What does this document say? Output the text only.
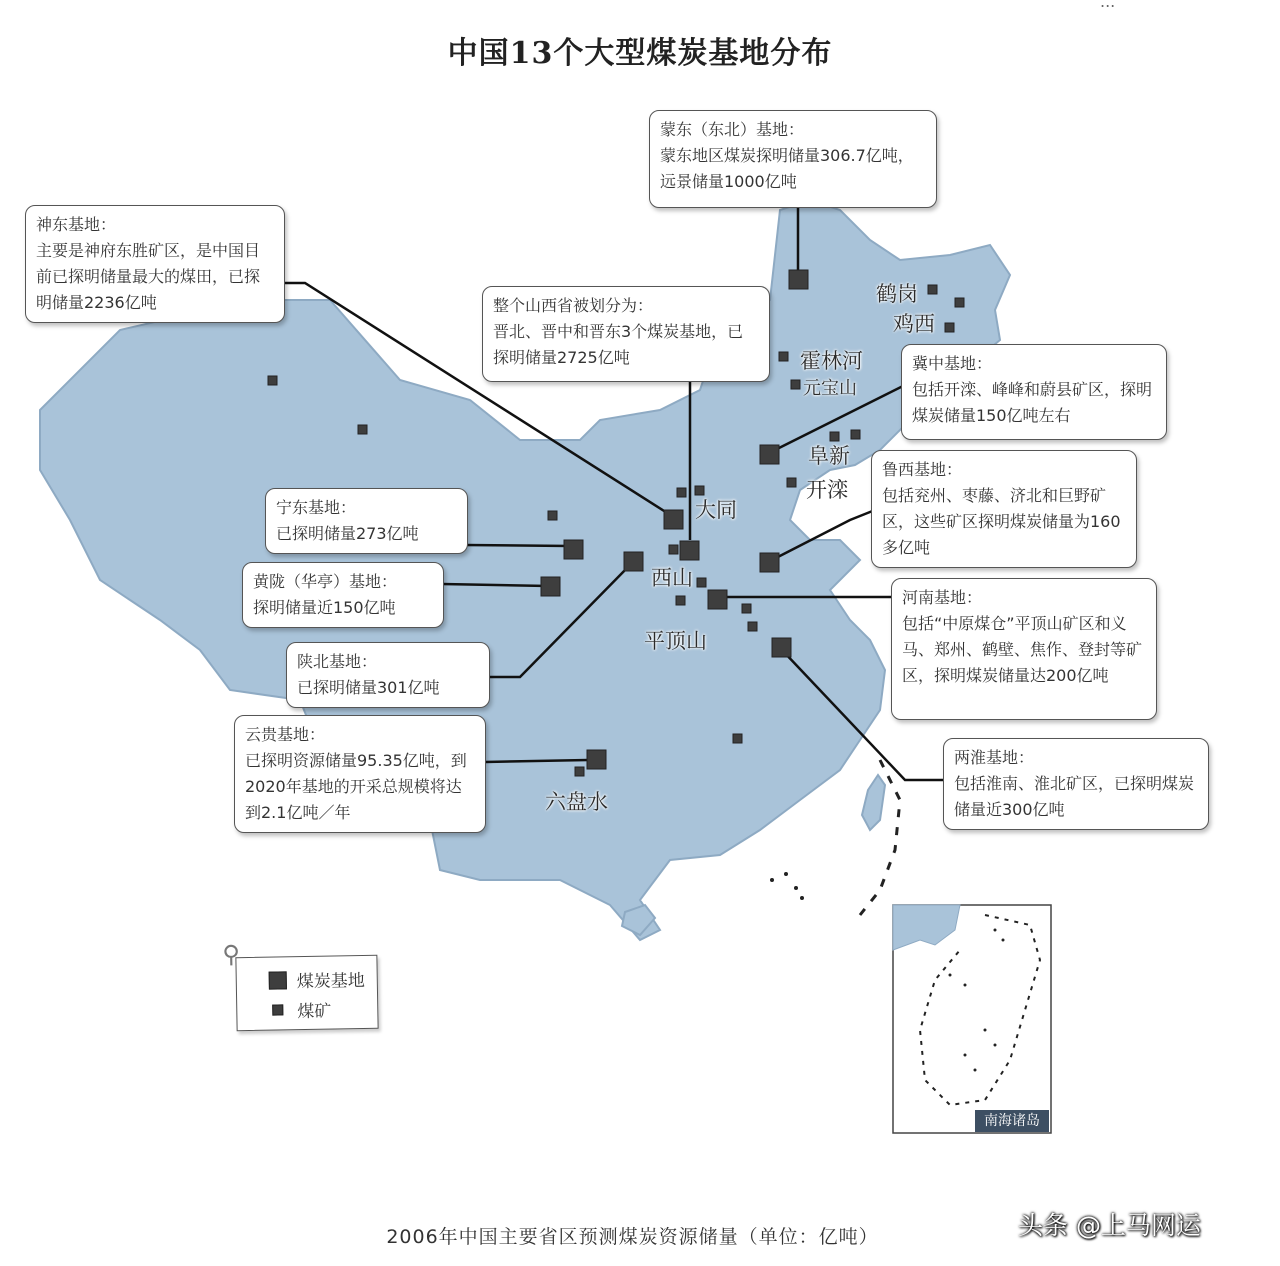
...
中国13个大型煤炭基地分布
鹤岗
鸡西
霍林河
元宝山
阜新
开滦
大同
西山
平顶山
六盘水
蒙东（东北）基地：
蒙东地区煤炭探明储量306.7亿吨，远景储量1000亿吨
神东基地：
主要是神府东胜矿区，是中国目前已探明储量最大的煤田，已探明储量2236亿吨	整个山西省被划分为：
晋北、晋中和晋东3个煤炭基地，已探明储量2725亿吨	冀中基地：
包括开滦、峰峰和蔚县矿区，探明煤炭储量150亿吨左右
鲁西基地：
包括兖州、枣藤、济北和巨野矿区，这些矿区探明煤炭储量为160多亿吨
宁东基地：
已探明储量273亿吨
黄陇（华亭）基地：
探明储量近150亿吨
河南基地：
包括“中原煤仓”平顶山矿区和义马、郑州、鹤壁、焦作、登封等矿区，探明煤炭储量达200亿吨
陕北基地：
已探明储量301亿吨
云贵基地：
已探明资源储量95.35亿吨，到2020年基地的开采总规模将达到2.1亿吨／年
两淮基地：
包括淮南、淮北矿区，已探明煤炭储量近300亿吨
⚲
煤炭基地
煤矿
南海诸岛
2006年中国主要省区预测煤炭资源储量（单位：亿吨）	头条 @上马网运
